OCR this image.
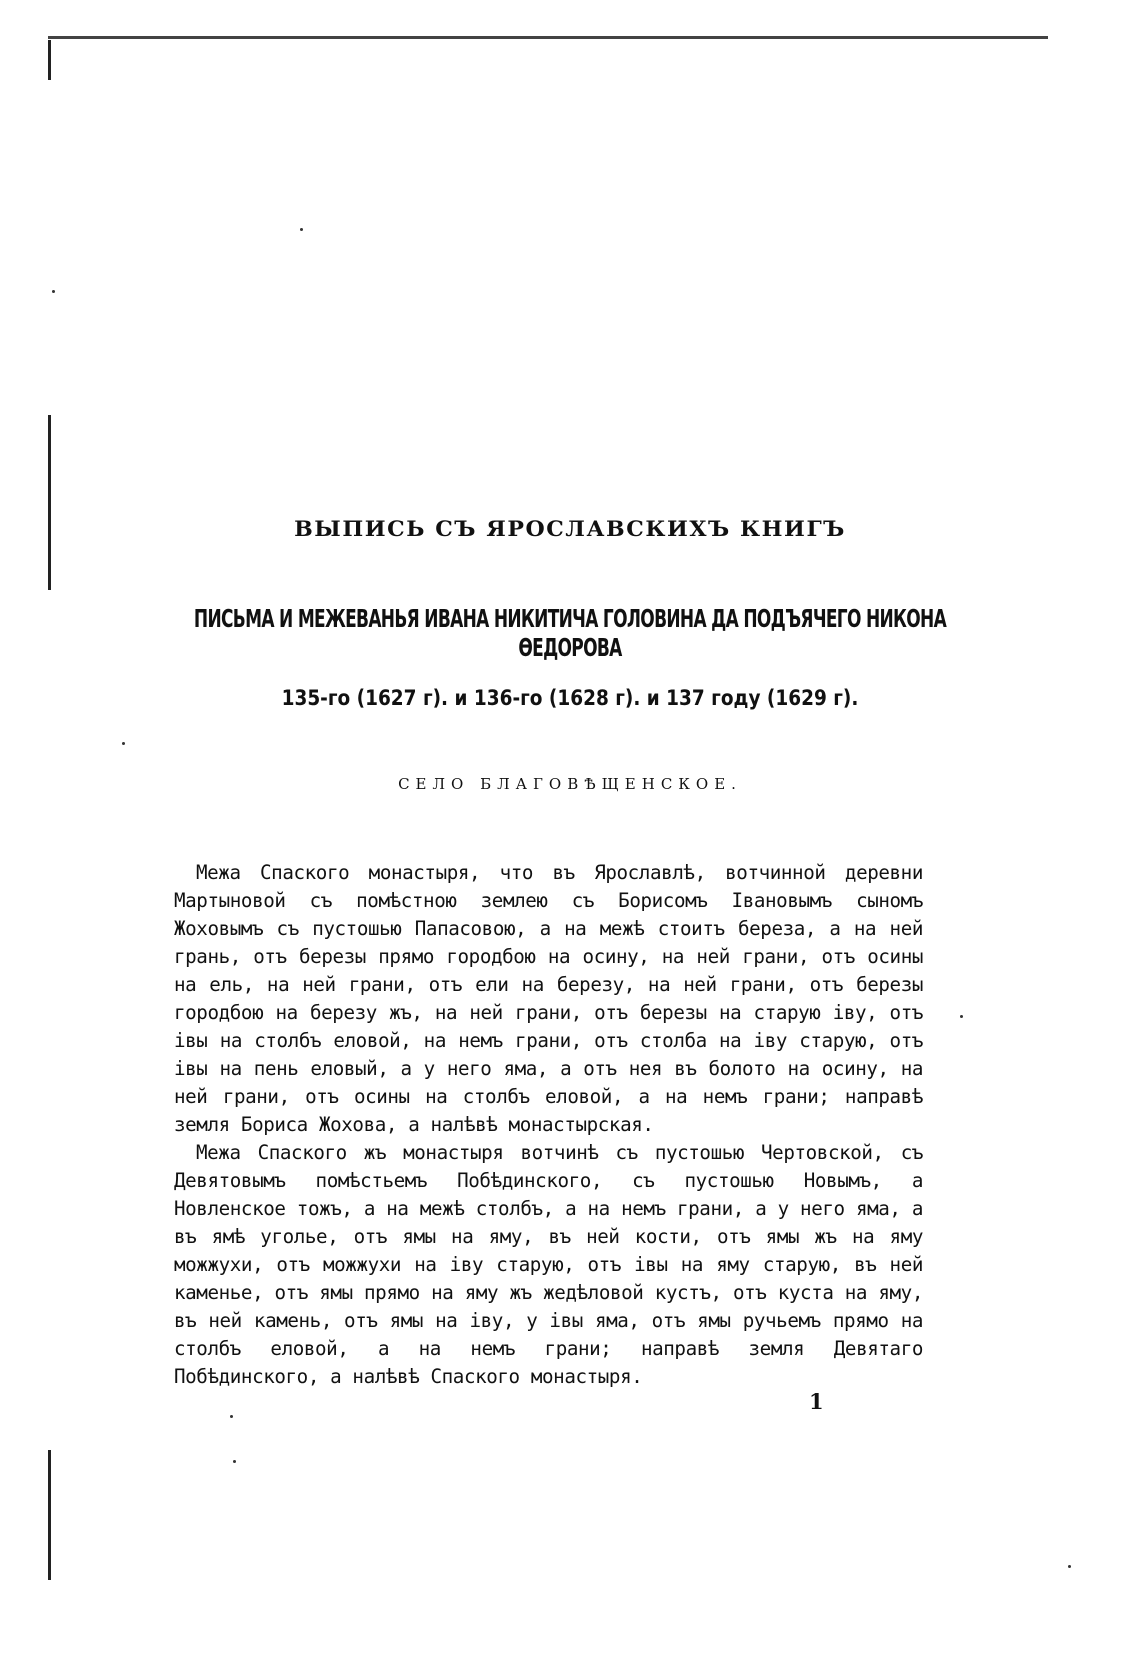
ВЫПИСЬ СЪ ЯРОСЛАВСКИХЪ КНИГЪ
ПИСЬМА И МЕЖЕВАНЬЯ ИВАНА НИКИТИЧА ГОЛОВИНА ДА ПОДЪЯЧЕГО НИКОНА ѲЕДОРОВА
135-го (1627 г). и 136-го (1628 г). и 137 году (1629 г).
СЕЛО БЛАГОВѢЩЕНСКОЕ.

Межа Спаского монастыря, что въ Ярославлѣ, вотчинной деревни Мартыновой съ помѣстною землею съ Борисомъ Івановымъ сыномъ Жоховымъ съ пустошью Папасовою, а на межѣ стоитъ береза, а на ней грань, отъ березы прямо городбою на осину, на ней грани, отъ осины на ель, на ней грани, отъ ели на березу, на ней грани, отъ березы городбою на березу жъ, на ней грани, отъ березы на старую іву, отъ івы на столбъ еловой, на немъ грани, отъ столба на іву старую, отъ івы на пень еловый, а у него яма, а отъ нея въ болото на осину, на ней грани, отъ осины на столбъ еловой, а на немъ грани; направѣ земля Бориса Жохова, а налѣвѣ монастырская.

Межа Спаского жъ монастыря вотчинѣ съ пустошью Чертовской, съ Девятовымъ помѣстьемъ Побѣдинского, съ пустошью Новымъ, а Новленское тожъ, а на межѣ столбъ, а на немъ грани, а у него яма, а въ ямѣ уголье, отъ ямы на яму, въ ней кости, отъ ямы жъ на яму можжухи, отъ можжухи на іву старую, отъ івы на яму старую, въ ней каменье, отъ ямы прямо на яму жъ жедѣловой кустъ, отъ куста на яму, въ ней камень, отъ ямы на іву, у івы яма, отъ ямы ручьемъ прямо на столбъ еловой, а на немъ грани; направѣ земля Девятаго Побѣдинского, а налѣвѣ Спаского монастыря.

1
